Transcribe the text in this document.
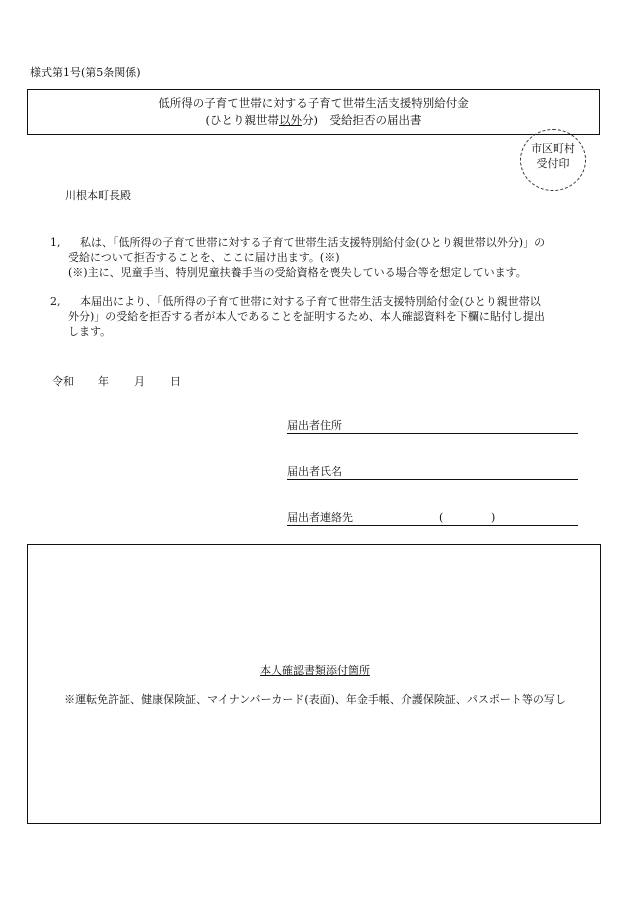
様式第1号(第5条関係)
低所得の子育て世帯に対する子育て世帯生活支援特別給付金
(ひとり親世帯以外分)　受給拒否の届出書
市区町村
受付印
川根本町長殿
1,	私は、「低所得の子育て世帯に対する子育て世帯生活支援特別給付金(ひとり親世帯以外分)」の
受給について拒否することを、ここに届け出ます。(※)
(※)主に、児童手当、特別児童扶養手当の受給資格を喪失している場合等を想定しています。
2,	本届出により、「低所得の子育て世帯に対する子育て世帯生活支援特別給付金(ひとり親世帯以
外分)」の受給を拒否する者が本人であることを証明するため、本人確認資料を下欄に貼付し提出
します。
令和 年 月 日
届出者住所
届出者氏名
届出者連絡先	(	)
本人確認書類添付箇所
※運転免許証、健康保険証、マイナンバーカード(表面)、年金手帳、介護保険証、パスポート等の写し
